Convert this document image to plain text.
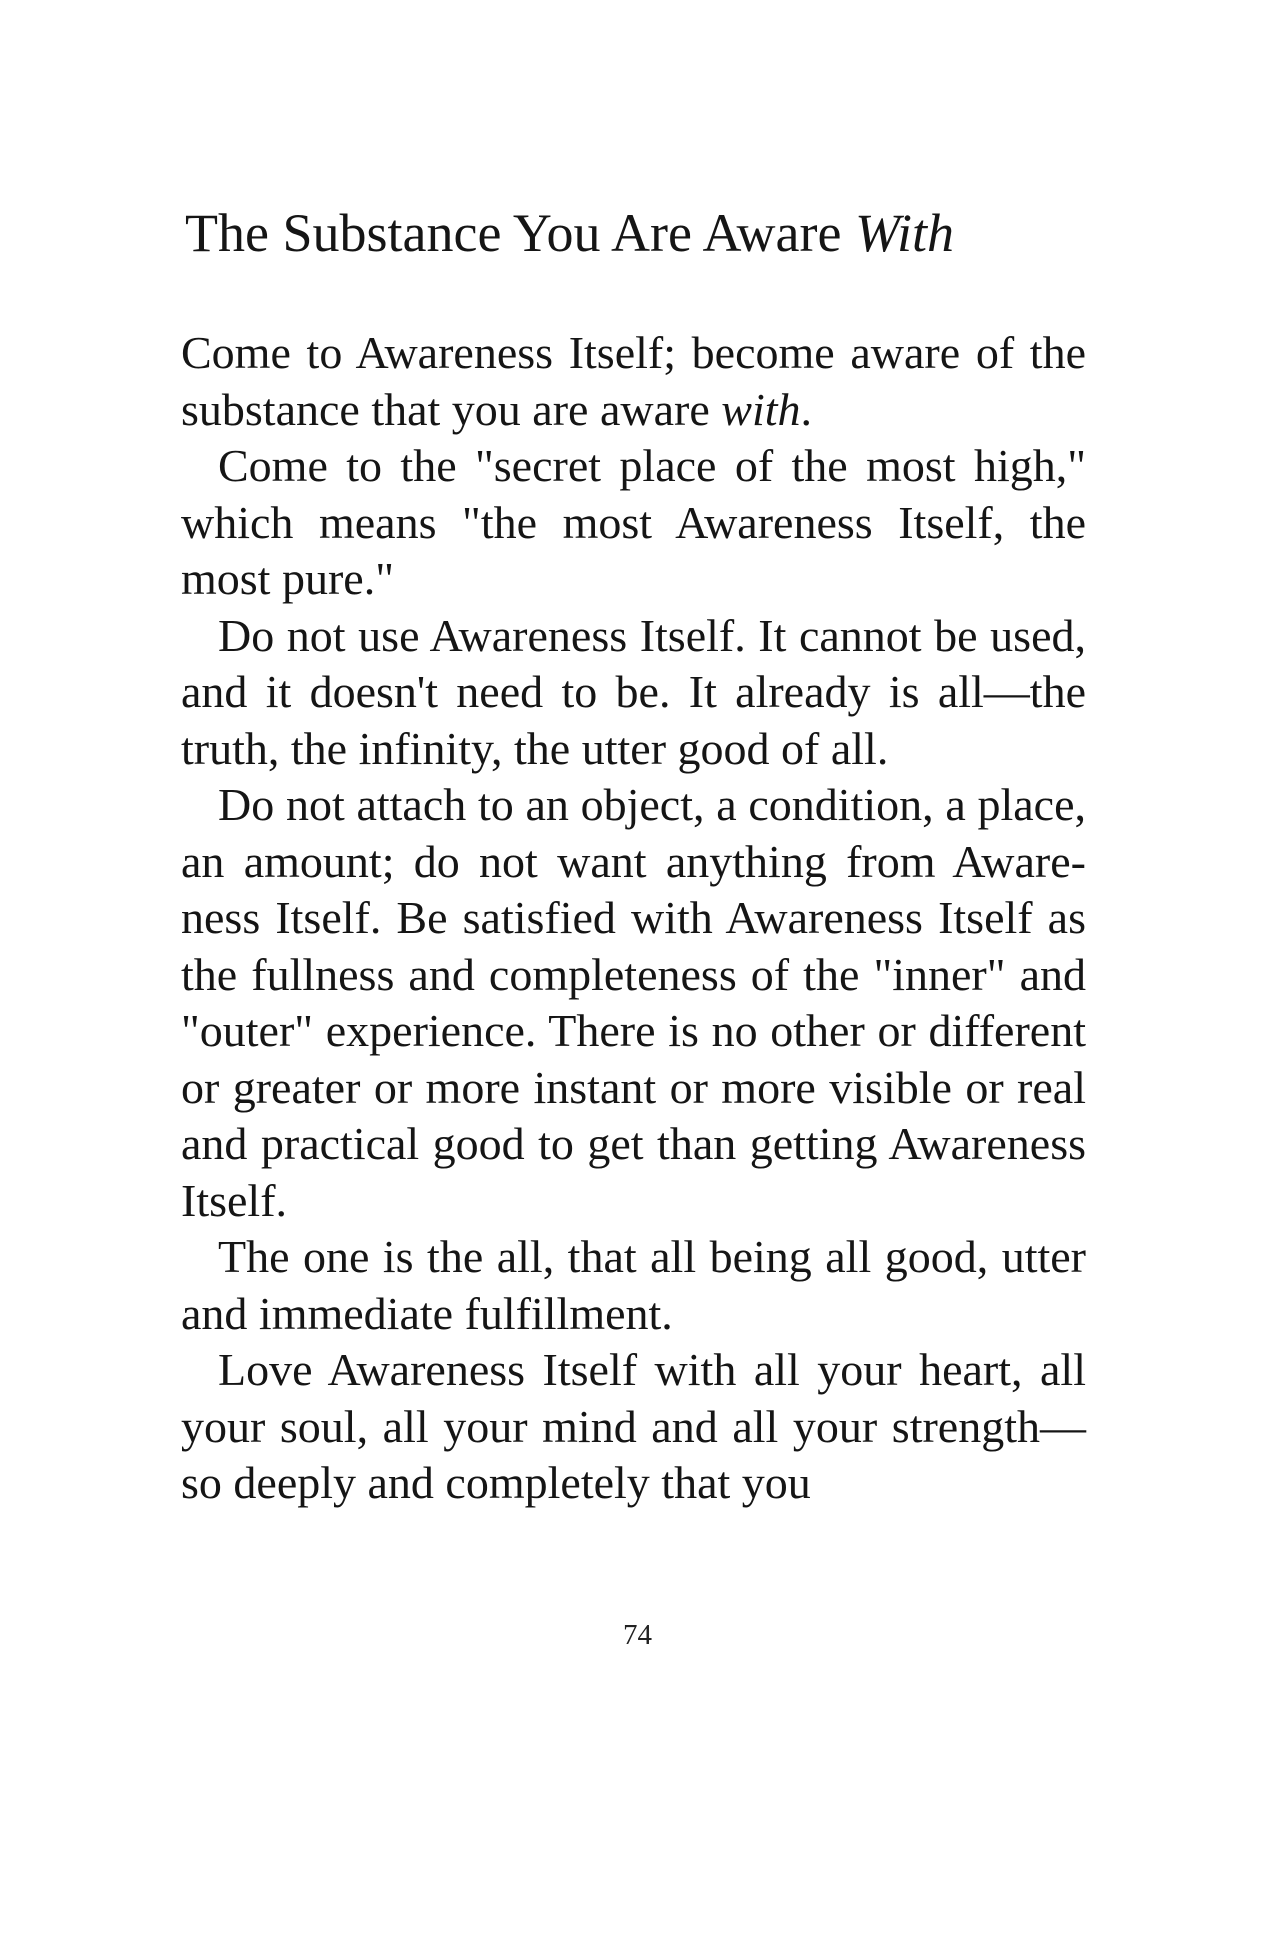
The Substance You Are Aware With

Come to Awareness Itself; become aware of the substance that you are aware with.

Come to the "secret place of the most high," which means "the most Awareness Itself, the most pure."

Do not use Awareness Itself. It cannot be used, and it doesn't need to be. It already is all—the truth, the infinity, the utter good of all.

Do not attach to an object, a condition, a place, an amount; do not want anything from Awareness Itself. Be satisfied with Awareness Itself as the fullness and completeness of the "inner" and "outer" experience. There is no other or different or greater or more instant or more visible or real and practical good to get than getting Awareness Itself.

The one is the all, that all being all good, utter and immediate fulfillment.

Love Awareness Itself with all your heart, all your soul, all your mind and all your strength—so deeply and completely that you

74
